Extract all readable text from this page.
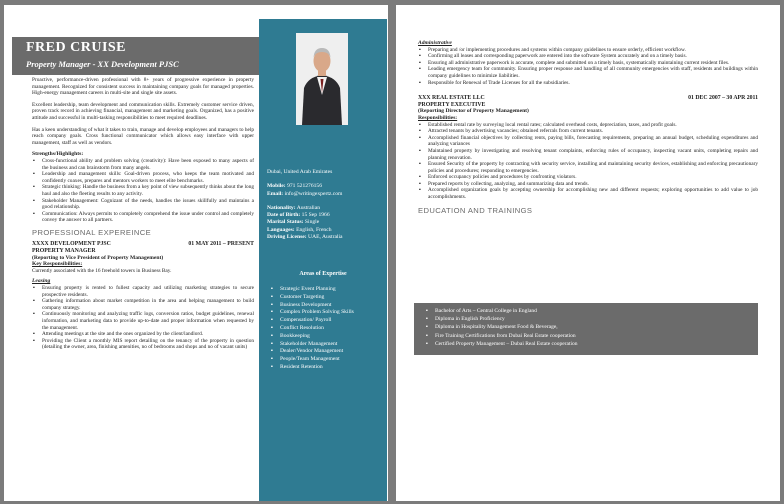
FRED CRUISE
Property Manager - XX Development PJSC
Dubai, United Arab Emirates
Mobile: 971 521276156
Email: info@writingexpertz.com
Nationality: Australian
Date of Birth: 15 Sep 1966
Marital Status: Single
Languages: English, French
Driving License: UAE, Australia
Areas of Expertise
▪ Strategic Event Planning
▪ Customer Targeting
▪ Business Development
▪ Complex Problem Solving Skills
▪ Compensation/ Payroll
▪ Conflict Resolution
▪ Bookkeeping
▪ Stakeholder Management
▪ Dealer/Vendor Management
▪ People/Team Management
▪ Resident Retention

Proactive, performance-driven professional with 8+ years of progressive experience in property management. Recognized for consistent success in maintaining company goals for managed properties. High-energy management careers in multi-site and single site assets.

Excellent leadership, team development and communication skills. Extremely customer service driven, proven track record in achieving financial, management and marketing goals. Organized, has a positive attitude and successful in multi-tasking responsibilities to meet required deadlines.

Has a keen understanding of what it takes to train, manage and develop employees and managers to help reach company goals. Cross functional communicator which allows easy interface with upper management, staff as well as vendors.

Strengths/Highlights:
▪ Cross-functional ability and problem solving (creativity): Have been exposed to many aspects of the business and can brainstorm from many angels.
▪ Leadership and management skills: Goal-driven process, who keeps the team motivated and confidently coaxes, prepares and mentors workers to meet elite benchmarks.
▪ Strategic thinking: Handle the business from a key point of view subsequently thinks about the long haul and also the fleeting results to any activity.
▪ Stakeholder Management: Cognizant of the needs, handles the issues skillfully and maintains a good relationship.
▪ Communication: Always permits to completely comprehend the issue under control and completely convey the answer to all partners.
PROFESSIONAL EXPEREINCE
XXXX DEVELOPMENT PJSC	01 MAY 2011 – PRESENT
PROPERTY MANAGER
(Reporting to Vice President of Property Management)
Key Responsibilities:
Currently associated with the 16 freehold towers in Business Bay.
Leasing
▪ Ensuring property is rented to fullest capacity and utilizing marketing strategies to secure prospective residents.
▪ Gathering information about market competition in the area and helping management to build company strategy.
▪ Continuously monitoring and analyzing traffic logs, conversion ratios, budget guidelines, renewal information, and marketing data to provide up-to-date and proper information when requested by the management.
▪ Attending meetings at the site and the ones organized by the client/landlord.
▪ Providing the Client a monthly MIS report detailing on the tenancy of the property in question (detailing the owner, area, finishing amenities, no of bedrooms and shops and no of vacant units)
Administrative
▪ Preparing and /or implementing procedures and systems within company guidelines to ensure orderly, efficient workflow.
▪ Confirming all leases and corresponding paperwork are entered into the software System accurately and on a timely basis.
▪ Ensuring all administrative paperwork is accurate, complete and submitted on a timely basis, systematically maintaining current resident files.
▪ Leading emergency team for community. Ensuring proper response and handling of all community emergencies with staff, residents and buildings within company guidelines to minimize liabilities.
▪ Responsible for Renewal of Trade Licenses for all the subsidiaries.
XXX REAL ESTATE LLC	01 DEC 2007 – 30 APR 2011
PROPERTY EXECUTIVE
(Reporting Director of Property Management)
Responsibilities:
▪ Established rental rate by surveying local rental rates; calculated overhead costs, depreciation, taxes, and profit goals.
▪ Attracted tenants by advertising vacancies; obtained referrals from current tenants.
▪ Accomplished financial objectives by collecting rents, paying bills, forecasting requirements, preparing an annual budget, scheduling expenditures and analyzing variances
▪ Maintained property by investigating and resolving tenant complaints, enforcing rules of occupancy, inspecting vacant units, completing repairs and planning renovation.
▪ Ensured Security of the property by contracting with security service, installing and maintaining security devices, establishing and enforcing precautionary policies and procedures; responding to emergencies.
▪ Enforced occupancy policies and procedures by confronting violators.
▪ Prepared reports by collecting, analyzing, and summarizing data and trends.
▪ Accomplished organization goals by accepting ownership for accomplishing new and different requests; exploring opportunities to add value to job accomplishments.
EDUCATION AND TRAININGS
▪ Bachelor of Arts – Central College in England
▪ Diploma in English Proficiency
▪ Diploma in Hospitality Management Food & Beverage,
▪ Fire Training Certifications from Dubai Real Estate cooperation
▪ Certified Property Management – Dubai Real Estate cooperation
